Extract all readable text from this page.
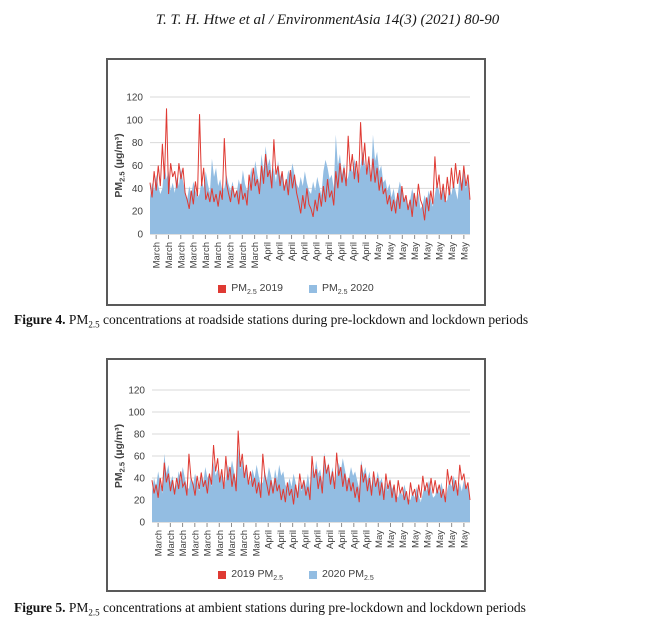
T. T. H. Htwe et al / EnvironmentAsia 14(3) (2021) 80-90
0
20
40
60
80
100
120
March March March March March March March March March April April April April April April April April April May May May May May May May May
$PM_{2.5}$ (µg/m³)
$PM_{2.5}$ 2019	$PM_{2.5}$ 2020

Figure 4. $PM_{2.5}$ concentrations at roadside stations during pre-lockdown and lockdown periods

0
20
40
60
80
100
120
March March March March March March March March March April April April April April April April April April May May May May May May May May
$PM_{2.5}$ (µg/m³)
2019 $PM_{2.5}$	2020 $PM_{2.5}$

Figure 5. $PM_{2.5}$ concentrations at ambient stations during pre-lockdown and lockdown periods
